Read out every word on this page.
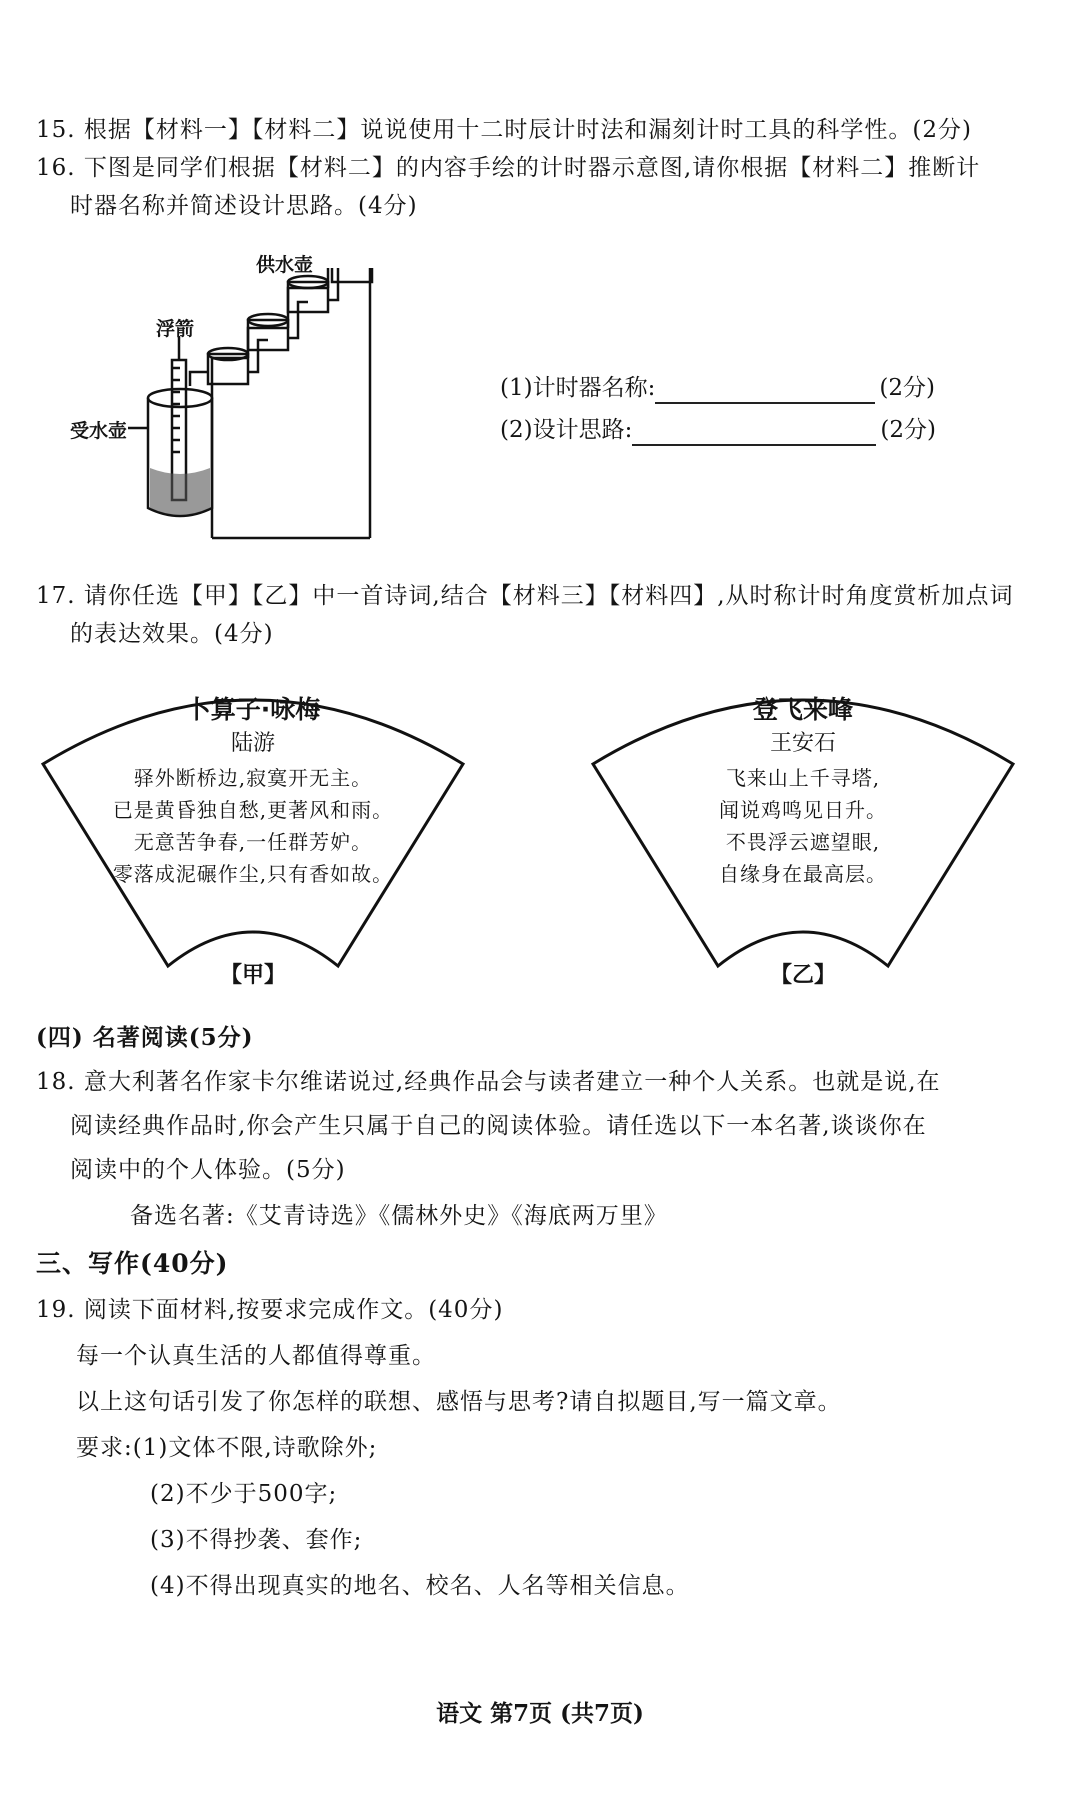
15. 根据【材料一】【材料二】说说使用十二时辰计时法和漏刻计时工具的科学性。(2分)
16. 下图是同学们根据【材料二】的内容手绘的计时器示意图,请你根据【材料二】推断计
时器名称并简述设计思路。(4分)
供水壶
浮箭
受水壶
(1)计时器名称:	(2分)
(2)设计思路:	(2分)
17. 请你任选【甲】【乙】中一首诗词,结合【材料三】【材料四】,从时称计时角度赏析加点词
的表达效果。(4分)
卜算子·咏梅
陆游
驿外断桥边,寂寞开无主。
已是黄昏独自愁,更著风和雨。
无意苦争春,一任群芳妒。
零落成泥碾作尘,只有香如故。
【甲】
登飞来峰
王安石
飞来山上千寻塔,
闻说鸡鸣见日升。
不畏浮云遮望眼,
自缘身在最高层。
【乙】
(四) 名著阅读(5分)
18. 意大利著名作家卡尔维诺说过,经典作品会与读者建立一种个人关系。也就是说,在
阅读经典作品时,你会产生只属于自己的阅读体验。请任选以下一本名著,谈谈你在
阅读中的个人体验。(5分)
备选名著:《艾青诗选》《儒林外史》《海底两万里》
三、写作(40分)
19. 阅读下面材料,按要求完成作文。(40分)
每一个认真生活的人都值得尊重。
以上这句话引发了你怎样的联想、感悟与思考?请自拟题目,写一篇文章。
要求:(1)文体不限,诗歌除外;
(2)不少于500字;
(3)不得抄袭、套作;
(4)不得出现真实的地名、校名、人名等相关信息。
语文 第7页 (共7页)
